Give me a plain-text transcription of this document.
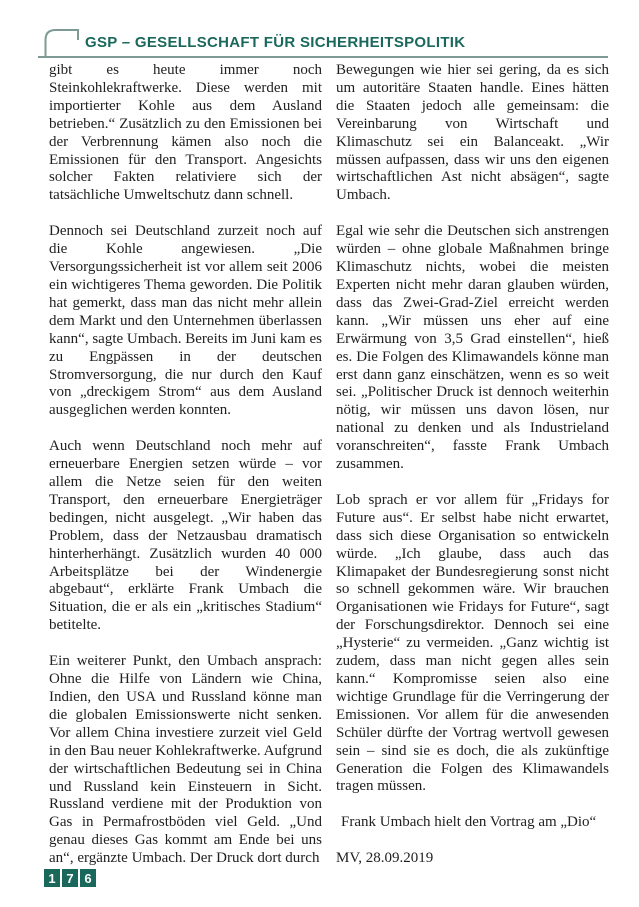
GSP – GESELLSCHAFT FÜR SICHERHEITSPOLITIK

gibt es heute immer noch Steinkohlekraftwerke. Diese werden mit importierter Kohle aus dem Ausland betrieben.“ Zusätzlich zu den Emissionen bei der Verbrennung kämen also noch die Emissionen für den Transport. Angesichts solcher Fakten relativiere sich der tatsächliche Umweltschutz dann schnell.

Dennoch sei Deutschland zurzeit noch auf die Kohle angewiesen. „Die Versorgungssicherheit ist vor allem seit 2006 ein wichtigeres Thema geworden. Die Politik hat gemerkt, dass man das nicht mehr allein dem Markt und den Unternehmen überlassen kann“, sagte Umbach. Bereits im Juni kam es zu Engpässen in der deutschen Stromversorgung, die nur durch den Kauf von „dreckigem Strom“ aus dem Ausland ausgeglichen werden konnten.

Auch wenn Deutschland noch mehr auf erneuerbare Energien setzen würde – vor allem die Netze seien für den weiten Transport, den erneuerbare Energieträger bedingen, nicht ausgelegt. „Wir haben das Problem, dass der Netzausbau dramatisch hinterherhängt. Zusätzlich wurden 40 000 Arbeitsplätze bei der Windenergie abgebaut“, erklärte Frank Umbach die Situation, die er als ein „kritisches Stadium“ betitelte.

Ein weiterer Punkt, den Umbach ansprach: Ohne die Hilfe von Ländern wie China, Indien, den USA und Russland könne man die globalen Emissionswerte nicht senken. Vor allem China investiere zurzeit viel Geld in den Bau neuer Kohlekraftwerke. Aufgrund der wirtschaftlichen Bedeutung sei in China und Russland kein Einsteuern in Sicht. Russland verdiene mit der Produktion von Gas in Permafrostböden viel Geld. „Und genau dieses Gas kommt am Ende bei uns an“, ergänzte Umbach. Der Druck dort durch

Bewegungen wie hier sei gering, da es sich um autoritäre Staaten handle. Eines hätten die Staaten jedoch alle gemeinsam: die Vereinbarung von Wirtschaft und Klimaschutz sei ein Balanceakt. „Wir müssen aufpassen, dass wir uns den eigenen wirtschaftlichen Ast nicht absägen“, sagte Umbach.

Egal wie sehr die Deutschen sich anstrengen würden – ohne globale Maßnahmen bringe Klimaschutz nichts, wobei die meisten Experten nicht mehr daran glauben würden, dass das Zwei-Grad-Ziel erreicht werden kann. „Wir müssen uns eher auf eine Erwärmung von 3,5 Grad einstellen“, hieß es. Die Folgen des Klimawandels könne man erst dann ganz einschätzen, wenn es so weit sei. „Politischer Druck ist dennoch weiterhin nötig, wir müssen uns davon lösen, nur national zu denken und als Industrieland voranschreiten“, fasste Frank Umbach zusammen.

Lob sprach er vor allem für „Fridays for Future aus“. Er selbst habe nicht erwartet, dass sich diese Organisation so entwickeln würde. „Ich glaube, dass auch das Klimapaket der Bundesregierung sonst nicht so schnell gekommen wäre. Wir brauchen Organisationen wie Fridays for Future“, sagt der Forschungsdirektor. Dennoch sei eine „Hysterie“ zu vermeiden. „Ganz wichtig ist zudem, dass man nicht gegen alles sein kann.“ Kompromisse seien also eine wichtige Grundlage für die Verringerung der Emissionen. Vor allem für die anwesenden Schüler dürfte der Vortrag wertvoll gewesen sein – sind sie es doch, die als zukünftige Generation die Folgen des Klimawandels tragen müssen.

Frank Umbach hielt den Vortrag am „Dio“

MV, 28.09.2019

1 7 6
